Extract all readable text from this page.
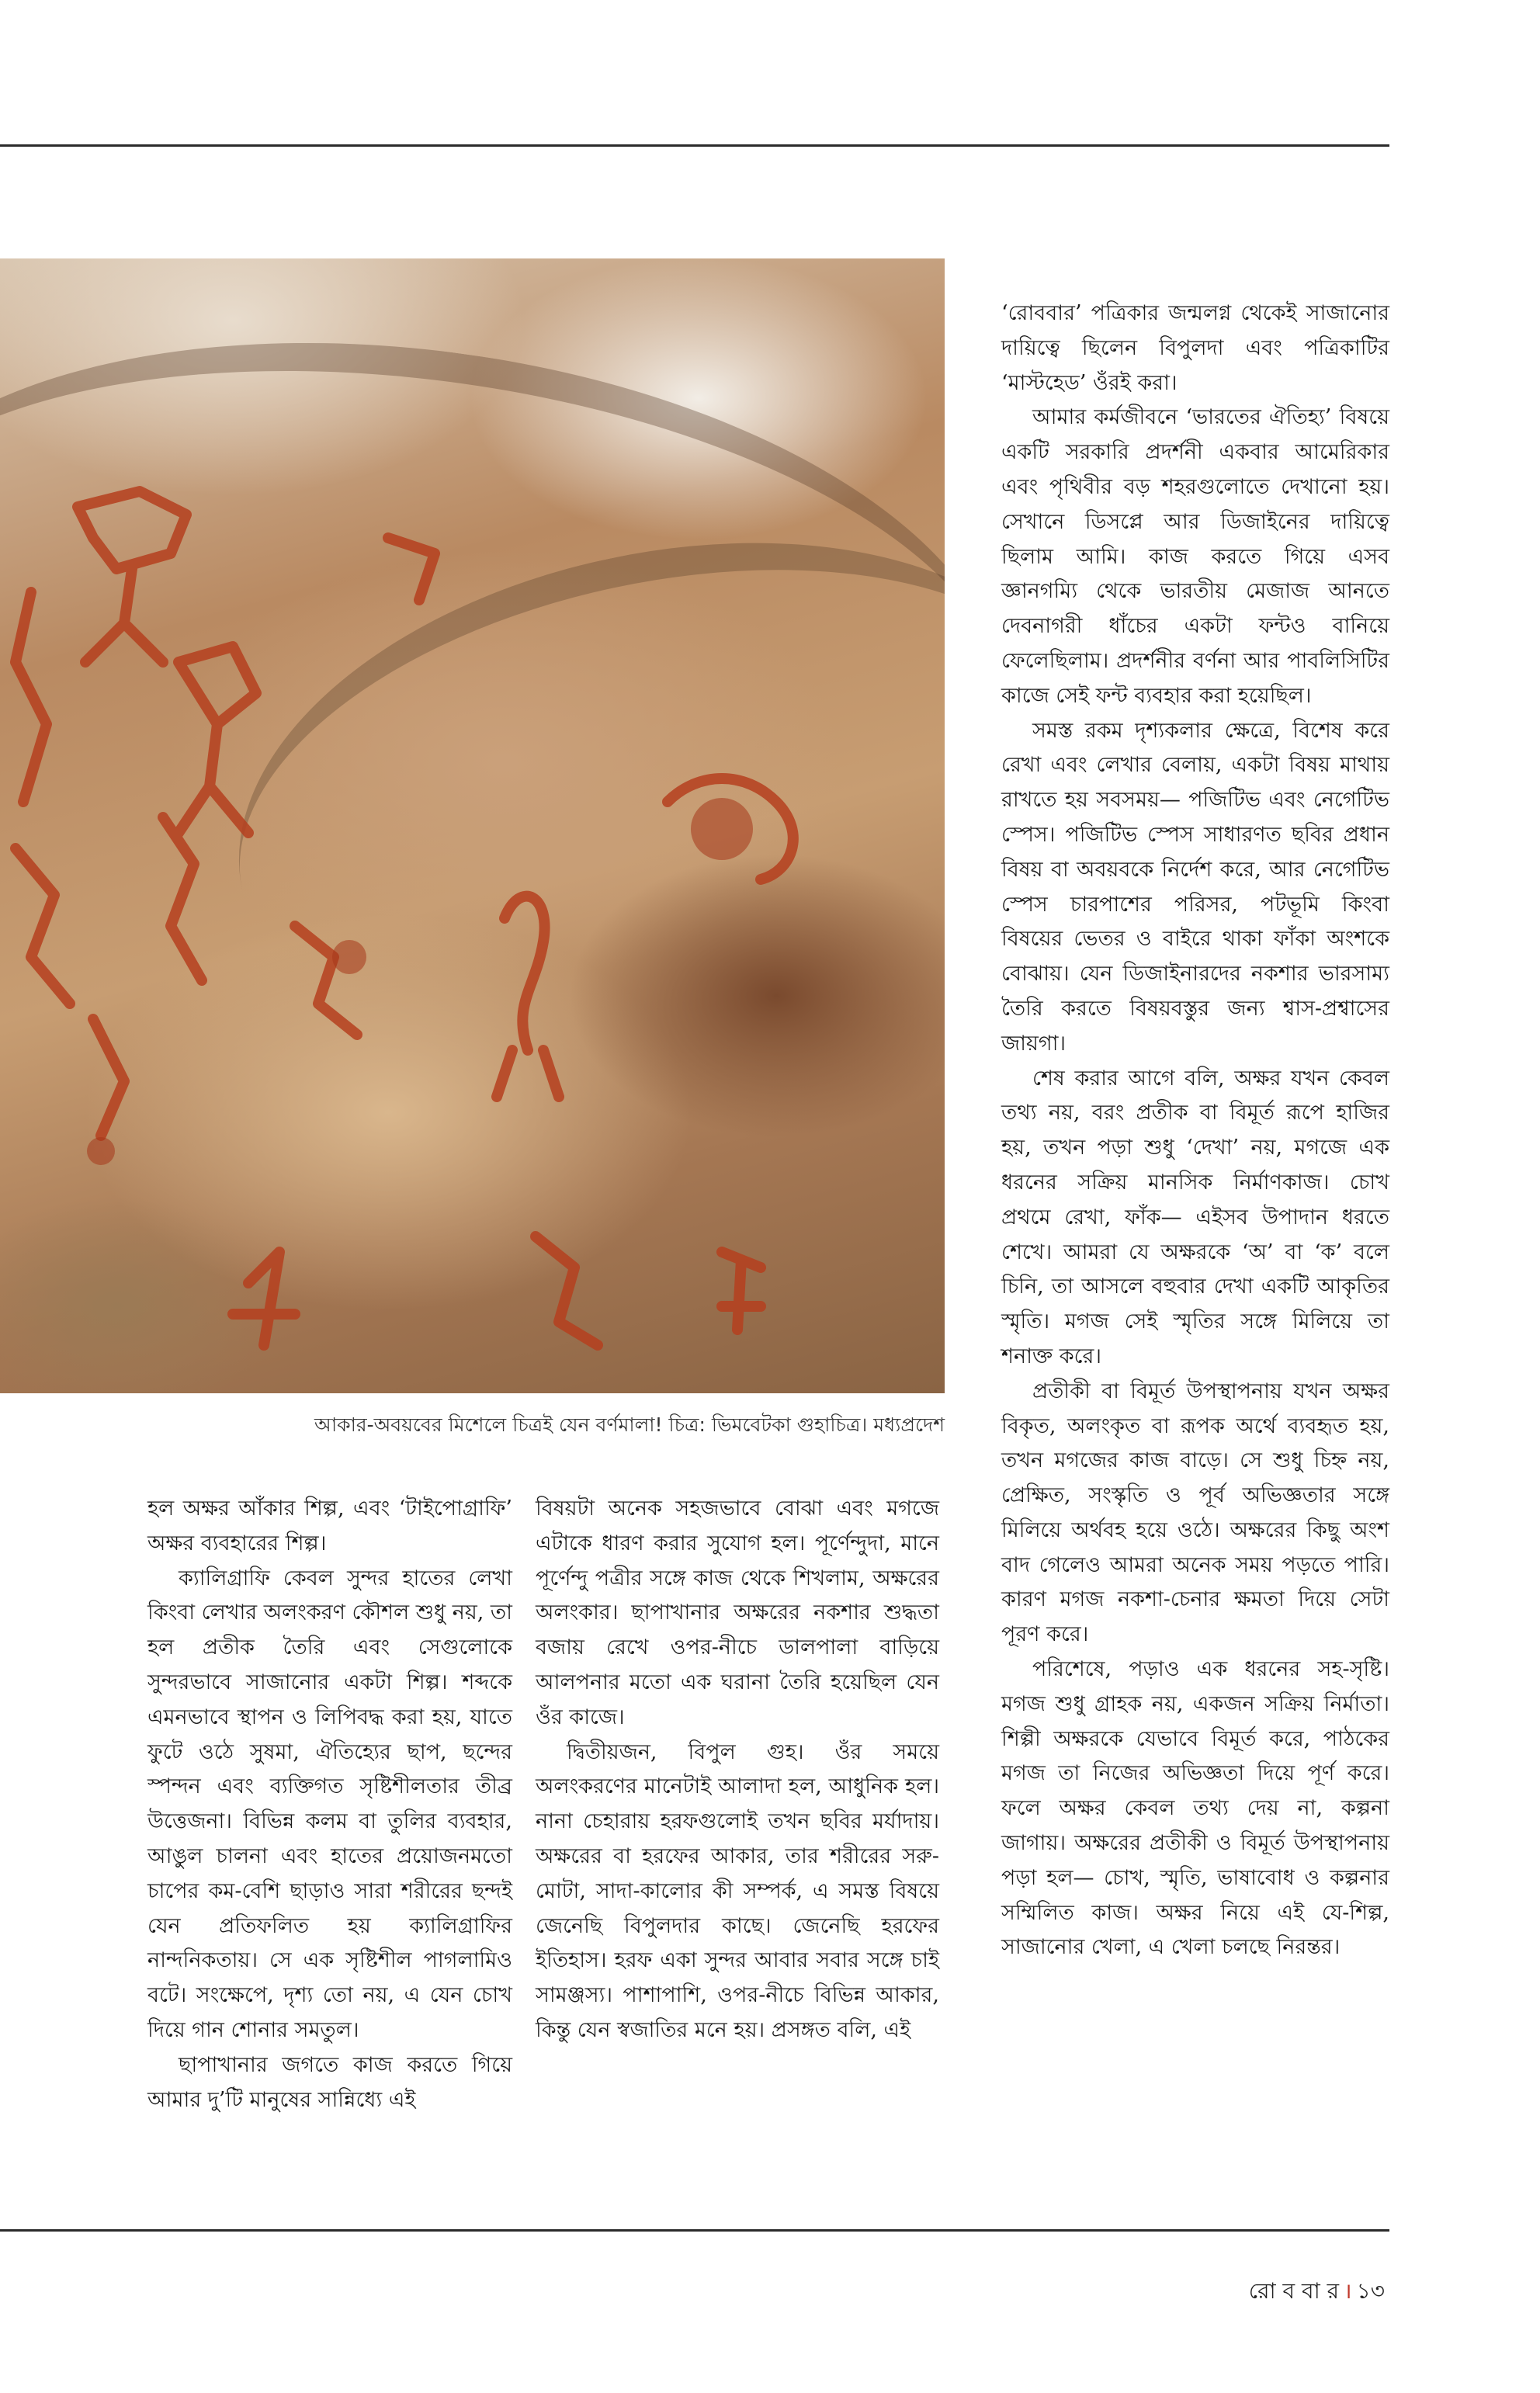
আকার-অবয়বের মিশেলে চিত্রই যেন বর্ণমালা! চিত্র: ভিমবেটকা গুহাচিত্র। মধ্যপ্রদেশ

হল অক্ষর আঁকার শিল্প, এবং ‘টাইপোগ্রাফি’ অক্ষর ব্যবহারের শিল্প।

ক্যালিগ্রাফি কেবল সুন্দর হাতের লেখা কিংবা লেখার অলংকরণ কৌশল শুধু নয়, তা হল প্রতীক তৈরি এবং সেগুলোকে সুন্দরভাবে সাজানোর একটা শিল্প। শব্দকে এমনভাবে স্থাপন ও লিপিবদ্ধ করা হয়, যাতে ফুটে ওঠে সুষমা, ঐতিহ্যের ছাপ, ছন্দের স্পন্দন এবং ব্যক্তিগত সৃষ্টিশীলতার তীব্র উত্তেজনা। বিভিন্ন কলম বা তুলির ব্যবহার, আঙুল চালনা এবং হাতের প্রয়োজনমতো চাপের কম-বেশি ছাড়াও সারা শরীরের ছন্দই যেন প্রতিফলিত হয় ক্যালিগ্রাফির নান্দনিকতায়। সে এক সৃষ্টিশীল পাগলামিও বটে। সংক্ষেপে, দৃশ্য তো নয়, এ যেন চোখ দিয়ে গান শোনার সমতুল।

ছাপাখানার জগতে কাজ করতে গিয়ে আমার দু’টি মানুষের সান্নিধ্যে এই

বিষয়টা অনেক সহজভাবে বোঝা এবং মগজে এটাকে ধারণ করার সুযোগ হল। পূর্ণেন্দুদা, মানে পূর্ণেন্দু পত্রীর সঙ্গে কাজ থেকে শিখলাম, অক্ষরের অলংকার। ছাপাখানার অক্ষরের নকশার শুদ্ধতা বজায় রেখে ওপর-নীচে ডালপালা বাড়িয়ে আলপনার মতো এক ঘরানা তৈরি হয়েছিল যেন ওঁর কাজে।

দ্বিতীয়জন, বিপুল গুহ। ওঁর সময়ে অলংকরণের মানেটাই আলাদা হল, আধুনিক হল। নানা চেহারায় হরফগুলোই তখন ছবির মর্যাদায়। অক্ষরের বা হরফের আকার, তার শরীরের সরু-মোটা, সাদা-কালোর কী সম্পর্ক, এ সমস্ত বিষয়ে জেনেছি বিপুলদার কাছে। জেনেছি হরফের ইতিহাস। হরফ একা সুন্দর আবার সবার সঙ্গে চাই সামঞ্জস্য। পাশাপাশি, ওপর-নীচে বিভিন্ন আকার, কিন্তু যেন স্বজাতির মনে হয়। প্রসঙ্গত বলি, এই

‘রোববার’ পত্রিকার জন্মলগ্ন থেকেই সাজানোর দায়িত্বে ছিলেন বিপুলদা এবং পত্রিকাটির ‘মাস্টহেড’ ওঁরই করা।

আমার কর্মজীবনে ‘ভারতের ঐতিহ্য’ বিষয়ে একটি সরকারি প্রদর্শনী একবার আমেরিকার এবং পৃথিবীর বড় শহরগুলোতে দেখানো হয়। সেখানে ডিসপ্লে আর ডিজাইনের দায়িত্বে ছিলাম আমি। কাজ করতে গিয়ে এসব জ্ঞানগম্যি থেকে ভারতীয় মেজাজ আনতে দেবনাগরী ধাঁচের একটা ফন্টও বানিয়ে ফেলেছিলাম। প্রদর্শনীর বর্ণনা আর পাবলিসিটির কাজে সেই ফন্ট ব্যবহার করা হয়েছিল।

সমস্ত রকম দৃশ্যকলার ক্ষেত্রে, বিশেষ করে রেখা এবং লেখার বেলায়, একটা বিষয় মাথায় রাখতে হয় সবসময়— পজিটিভ এবং নেগেটিভ স্পেস। পজিটিভ স্পেস সাধারণত ছবির প্রধান বিষয় বা অবয়বকে নির্দেশ করে, আর নেগেটিভ স্পেস চারপাশের পরিসর, পটভূমি কিংবা বিষয়ের ভেতর ও বাইরে থাকা ফাঁকা অংশকে বোঝায়। যেন ডিজাইনারদের নকশার ভারসাম্য তৈরি করতে বিষয়বস্তুর জন্য শ্বাস-প্রশ্বাসের জায়গা।

শেষ করার আগে বলি, অক্ষর যখন কেবল তথ্য নয়, বরং প্রতীক বা বিমূর্ত রূপে হাজির হয়, তখন পড়া শুধু ‘দেখা’ নয়, মগজে এক ধরনের সক্রিয় মানসিক নির্মাণকাজ। চোখ প্রথমে রেখা, ফাঁক— এইসব উপাদান ধরতে শেখে। আমরা যে অক্ষরকে ‘অ’ বা ‘ক’ বলে চিনি, তা আসলে বহুবার দেখা একটি আকৃতির স্মৃতি। মগজ সেই স্মৃতির সঙ্গে মিলিয়ে তা শনাক্ত করে।

প্রতীকী বা বিমূর্ত উপস্থাপনায় যখন অক্ষর বিকৃত, অলংকৃত বা রূপক অর্থে ব্যবহৃত হয়, তখন মগজের কাজ বাড়ে। সে শুধু চিহ্ন নয়, প্রেক্ষিত, সংস্কৃতি ও পূর্ব অভিজ্ঞতার সঙ্গে মিলিয়ে অর্থবহ হয়ে ওঠে। অক্ষরের কিছু অংশ বাদ গেলেও আমরা অনেক সময় পড়তে পারি। কারণ মগজ নকশা-চেনার ক্ষমতা দিয়ে সেটা পূরণ করে।

পরিশেষে, পড়াও এক ধরনের সহ-সৃষ্টি। মগজ শুধু গ্রাহক নয়, একজন সক্রিয় নির্মাতা। শিল্পী অক্ষরকে যেভাবে বিমূর্ত করে, পাঠকের মগজ তা নিজের অভিজ্ঞতা দিয়ে পূর্ণ করে। ফলে অক্ষর কেবল তথ্য দেয় না, কল্পনা জাগায়। অক্ষরের প্রতীকী ও বিমূর্ত উপস্থাপনায় পড়া হল— চোখ, স্মৃতি, ভাষাবোধ ও কল্পনার সম্মিলিত কাজ। অক্ষর নিয়ে এই যে-শিল্প, সাজানোর খেলা, এ খেলা চলছে নিরন্তর।

রো ব বা র । ১৩
